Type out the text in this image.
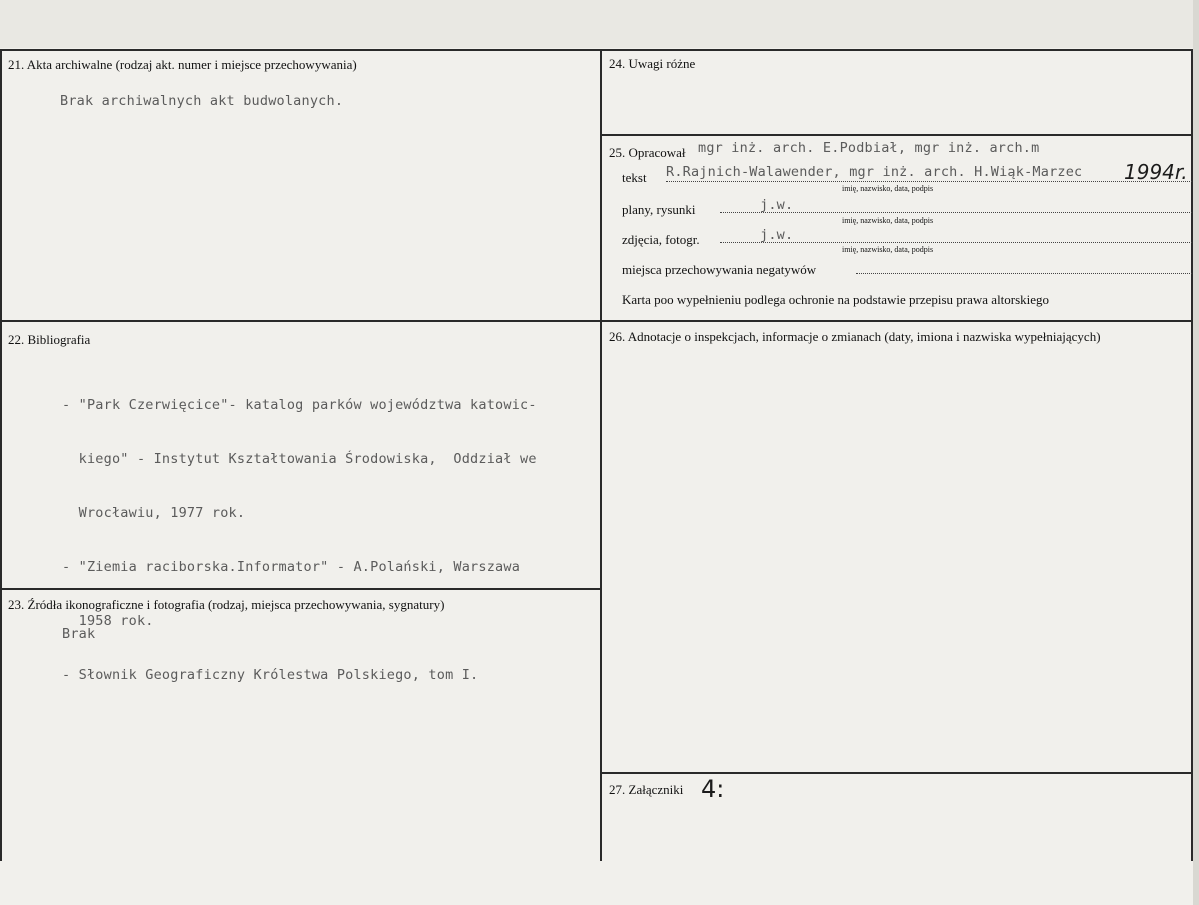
21. Akta archiwalne (rodzaj akt. numer i miejsce przechowywania)
Brak archiwalnych akt budwolanych.
22. Bibliografia

- "Park Czerwięcice"- katalog parków województwa katowic-

kiego" - Instytut Kształtowania Środowiska,  Oddział we

Wrocławiu, 1977 rok.

- "Ziemia raciborska.Informator" - A.Polański, Warszawa

1958 rok.

- Słownik Geograficzny Królestwa Polskiego, tom I.

23. Źródła ikonograficzne i fotografia (rodzaj, miejsca przechowywania, sygnatury)
Brak
24. Uwagi różne
25. Opracował mgr inż. arch. E.Podbiał, mgr inż. arch.m
tekst R.Rajnich-Walawender, mgr inż. arch. H.Wiąk-Marzec 1994r.
imię, nazwisko, data, podpis
plany, rysunki	j.w.
imię, nazwisko, data, podpis
zdjęcia, fotogr.	j.w.
imię, nazwisko, data, podpis
miejsca przechowywania negatywów
Karta poo wypełnieniu podlega ochronie na podstawie przepisu prawa altorskiego
26. Adnotacje o inspekcjach, informacje o zmianach (daty, imiona i nazwiska wypełniających)
27. Załączniki 4:
